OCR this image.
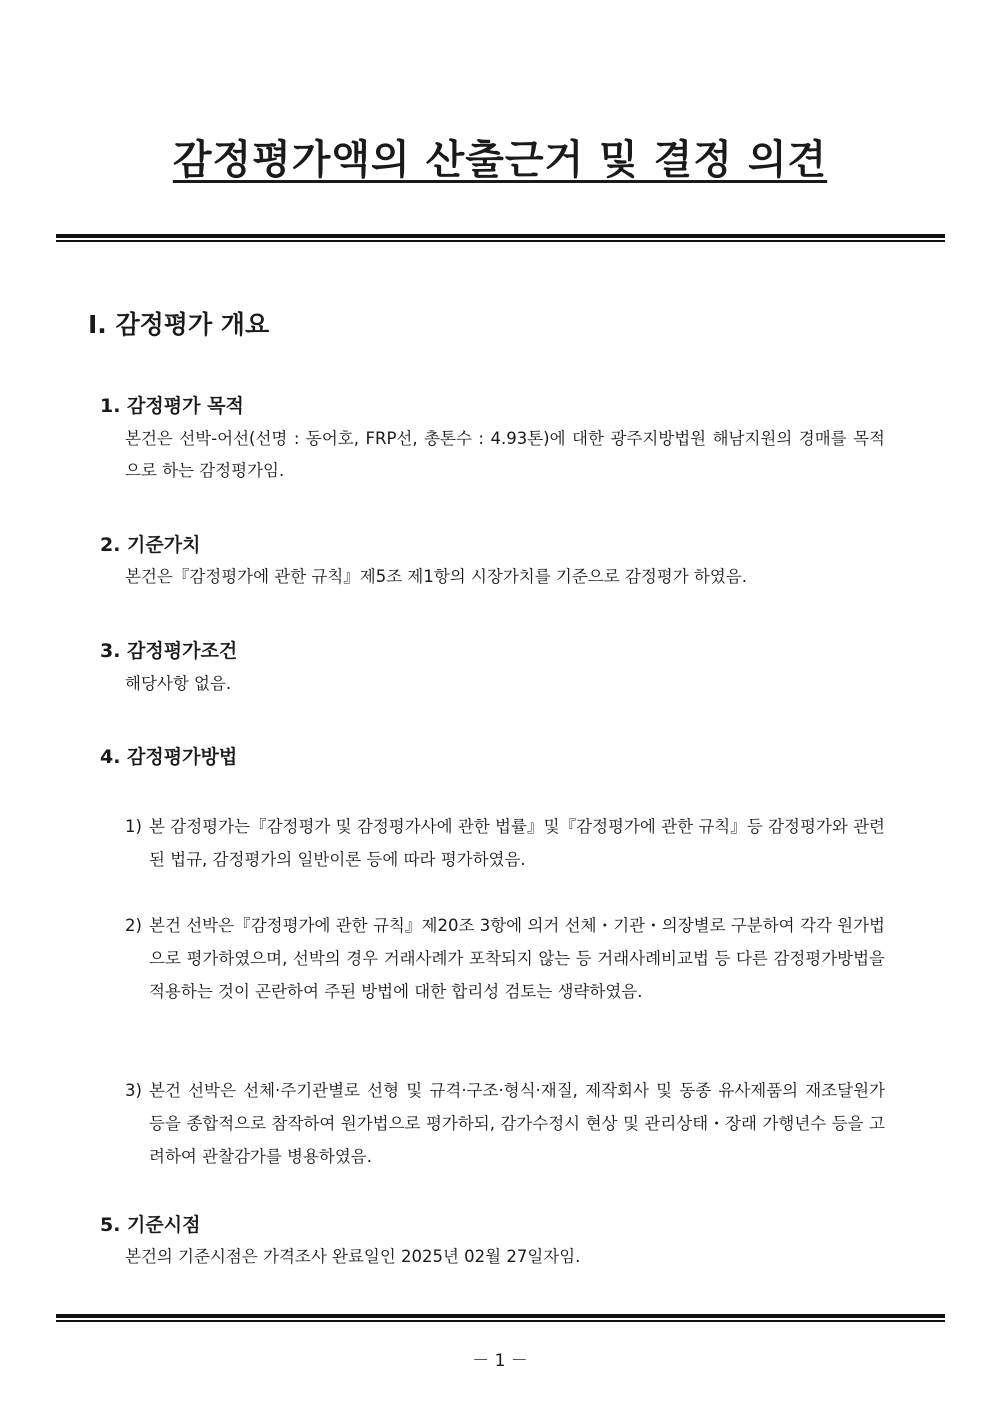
감정평가액의 산출근거 및 결정 의견
Ⅰ. 감정평가 개요
1. 감정평가 목적
본건은 선박-어선(선명 : 동어호, FRP선, 총톤수 : 4.93톤)에 대한 광주지방법원 해남지원의 경매를 목적으로 하는 감정평가임.
2. 기준가치
본건은『감정평가에 관한 규칙』제5조 제1항의 시장가치를 기준으로 감정평가 하였음.
3. 감정평가조건
해당사항 없음.
4. 감정평가방법
1) 본 감정평가는『감정평가 및 감정평가사에 관한 법률』및『감정평가에 관한 규칙』등 감정평가와 관련된 법규, 감정평가의 일반이론 등에 따라 평가하였음.
2) 본건 선박은『감정평가에 관한 규칙』제20조 3항에 의거 선체・기관・의장별로 구분하여 각각 원가법으로 평가하였으며, 선박의 경우 거래사례가 포착되지 않는 등 거래사례비교법 등 다른 감정평가방법을 적용하는 것이 곤란하여 주된 방법에 대한 합리성 검토는 생략하였음.
3) 본건 선박은 선체·주기관별로 선형 및 규격·구조·형식·재질, 제작회사 및 동종 유사제품의 재조달원가 등을 종합적으로 참작하여 원가법으로 평가하되, 감가수정시 현상 및 관리상태・장래 가행년수 등을 고려하여 관찰감가를 병용하였음.
5. 기준시점
본건의 기준시점은 가격조사 완료일인 2025년 02월 27일자임.
－ 1 －
